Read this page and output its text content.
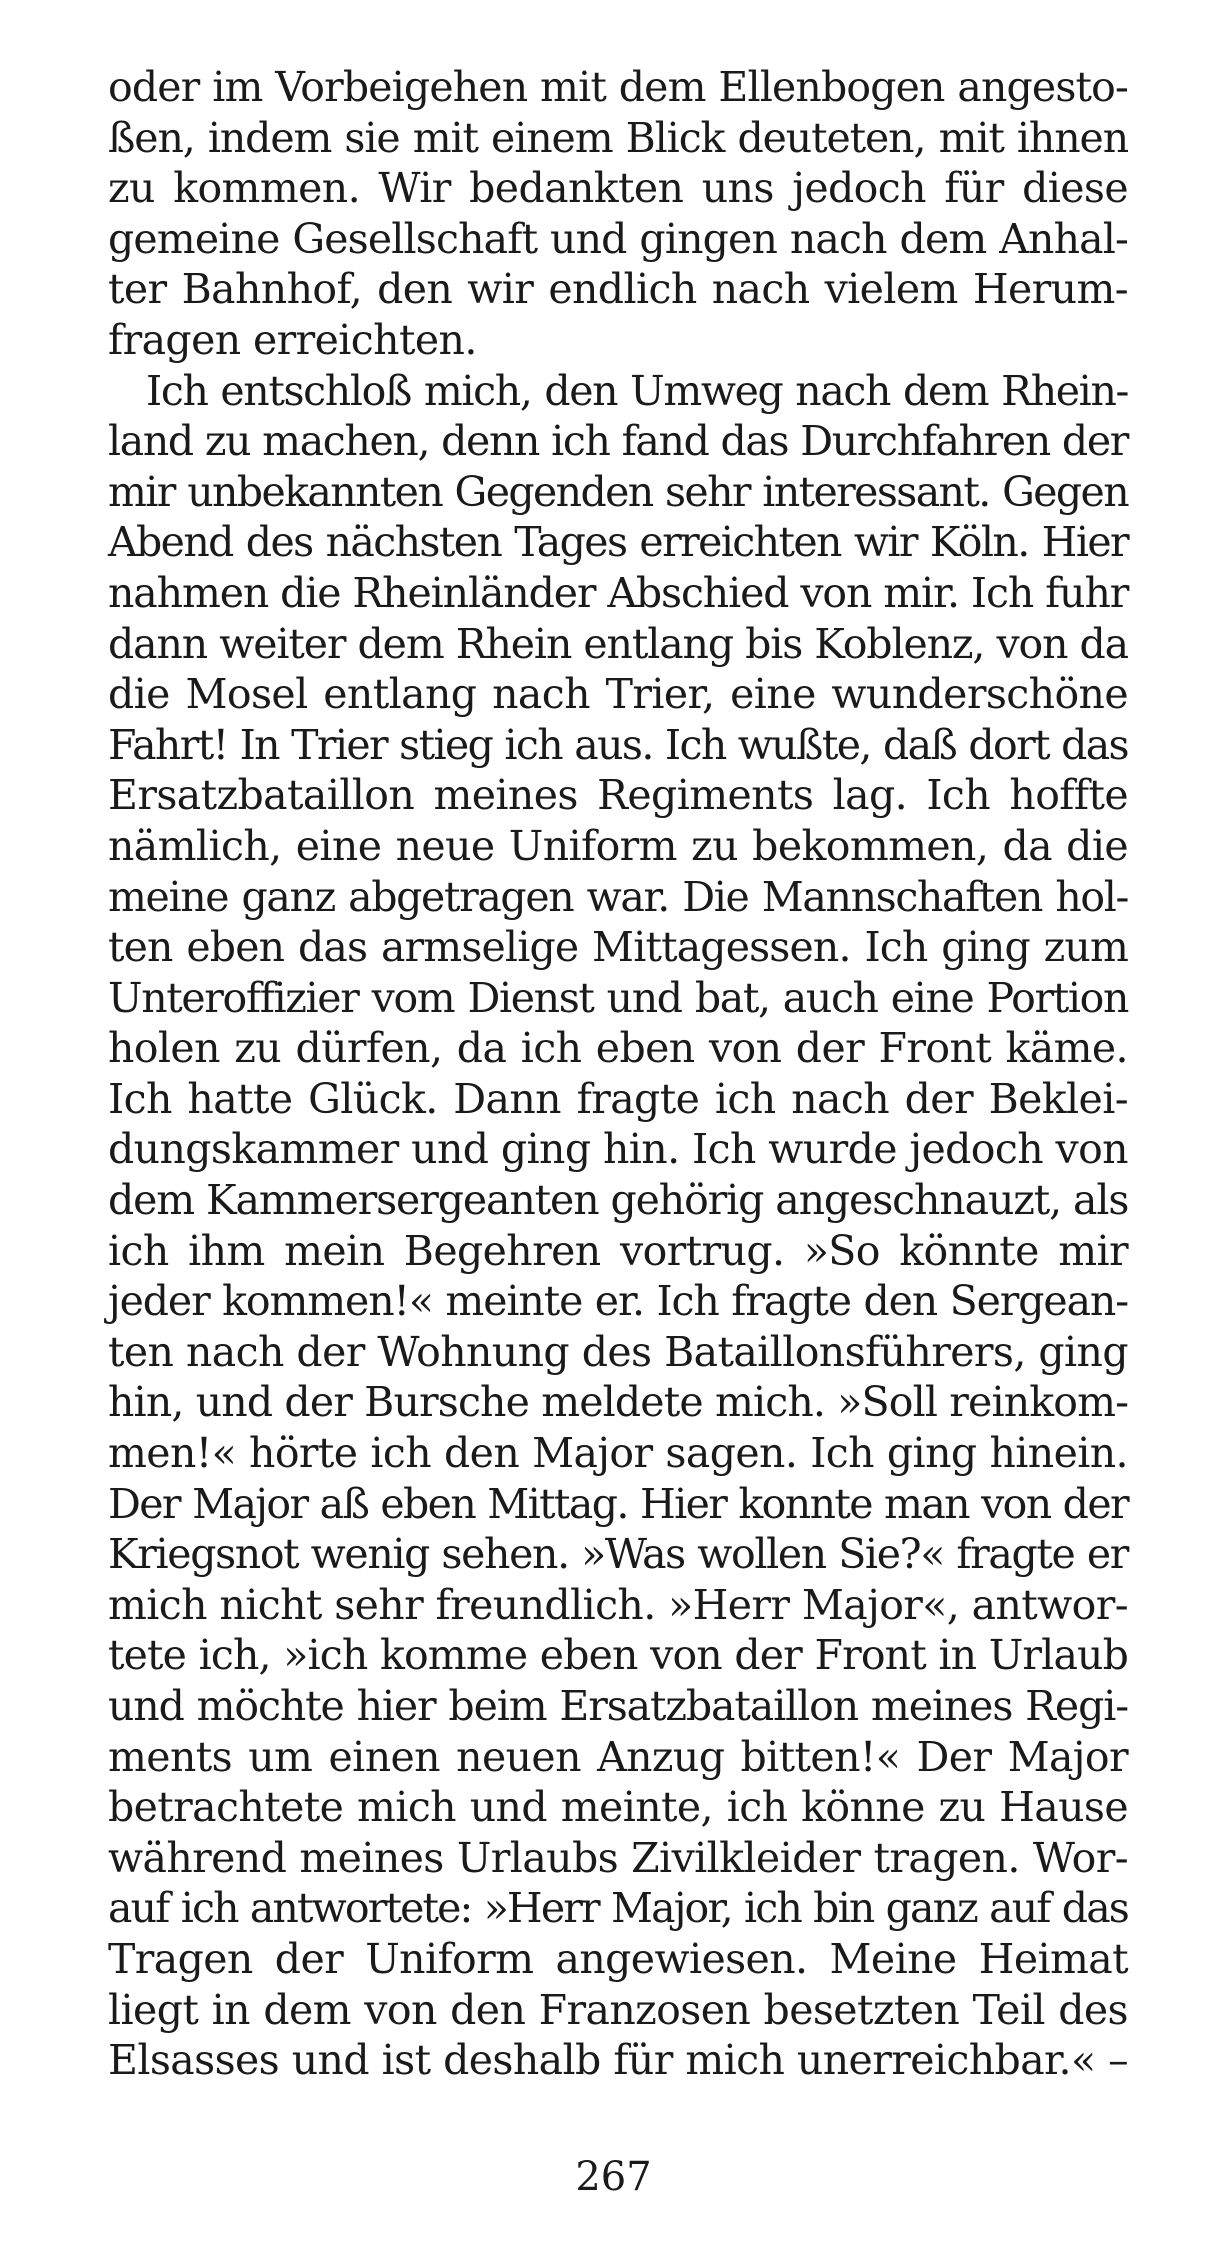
oder im Vorbeigehen mit dem Ellenbogen angesto-
ßen, indem sie mit einem Blick deuteten, mit ihnen
zu kommen. Wir bedankten uns jedoch für diese
gemeine Gesellschaft und gingen nach dem Anhal-
ter Bahnhof, den wir endlich nach vielem Herum-
fragen erreichten.
Ich entschloß mich, den Umweg nach dem Rhein-
land zu machen, denn ich fand das Durchfahren der
mir unbekannten Gegenden sehr interessant. Gegen
Abend des nächsten Tages erreichten wir Köln. Hier
nahmen die Rheinländer Abschied von mir. Ich fuhr
dann weiter dem Rhein entlang bis Koblenz, von da
die Mosel entlang nach Trier, eine wunderschöne
Fahrt! In Trier stieg ich aus. Ich wußte, daß dort das
Ersatzbataillon meines Regiments lag. Ich hoffte
nämlich, eine neue Uniform zu bekommen, da die
meine ganz abgetragen war. Die Mannschaften hol-
ten eben das armselige Mittagessen. Ich ging zum
Unteroffizier vom Dienst und bat, auch eine Portion
holen zu dürfen, da ich eben von der Front käme.
Ich hatte Glück. Dann fragte ich nach der Beklei-
dungskammer und ging hin. Ich wurde jedoch von
dem Kammersergeanten gehörig angeschnauzt, als
ich ihm mein Begehren vortrug. »So könnte mir
jeder kommen!« meinte er. Ich fragte den Sergean-
ten nach der Wohnung des Bataillonsführers, ging
hin, und der Bursche meldete mich. »Soll reinkom-
men!« hörte ich den Major sagen. Ich ging hinein.
Der Major aß eben Mittag. Hier konnte man von der
Kriegsnot wenig sehen. »Was wollen Sie?« fragte er
mich nicht sehr freundlich. »Herr Major«, antwor-
tete ich, »ich komme eben von der Front in Urlaub
und möchte hier beim Ersatzbataillon meines Regi-
ments um einen neuen Anzug bitten!« Der Major
betrachtete mich und meinte, ich könne zu Hause
während meines Urlaubs Zivilkleider tragen. Wor-
auf ich antwortete: »Herr Major, ich bin ganz auf das
Tragen der Uniform angewiesen. Meine Heimat
liegt in dem von den Franzosen besetzten Teil des
Elsasses und ist deshalb für mich unerreichbar.« –
267
